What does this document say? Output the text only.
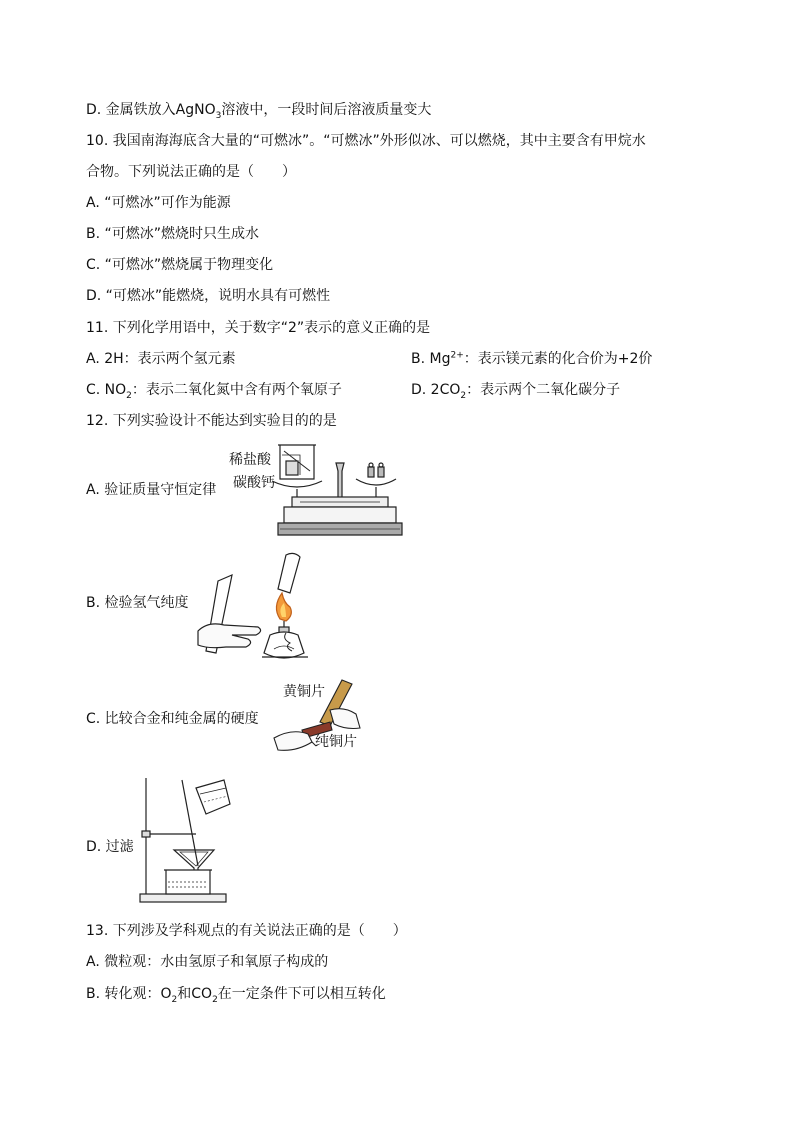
D. 金属铁放入AgNO$_3$溶液中，一段时间后溶液质量变大
10. 我国南海海底含大量的“可燃冰”。“可燃冰”外形似冰、可以燃烧，其中主要含有甲烷水
合物。下列说法正确的是（　　）
A. “可燃冰”可作为能源
B. “可燃冰”燃烧时只生成水
C. “可燃冰”燃烧属于物理变化
D. “可燃冰”能燃烧，说明水具有可燃性
11. 下列化学用语中，关于数字“2”表示的意义正确的是
A. 2H：表示两个氢元素	B. $Mg^{2+}$：表示镁元素的化合价为+2价
C. $NO_2$：表示二氧化氮中含有两个氧原子	D. $2CO_2$：表示两个二氧化碳分子
12. 下列实验设计不能达到实验目的的是
A. 验证质量守恒定律
稀盐酸
碳酸钙
B. 检验氢气纯度
C. 比较合金和纯金属的硬度
黄铜片
纯铜片
D. 过滤
13. 下列涉及学科观点的有关说法正确的是（　　）
A. 微粒观：水由氢原子和氧原子构成的
B. 转化观：$O_2$和$CO_2$在一定条件下可以相互转化
